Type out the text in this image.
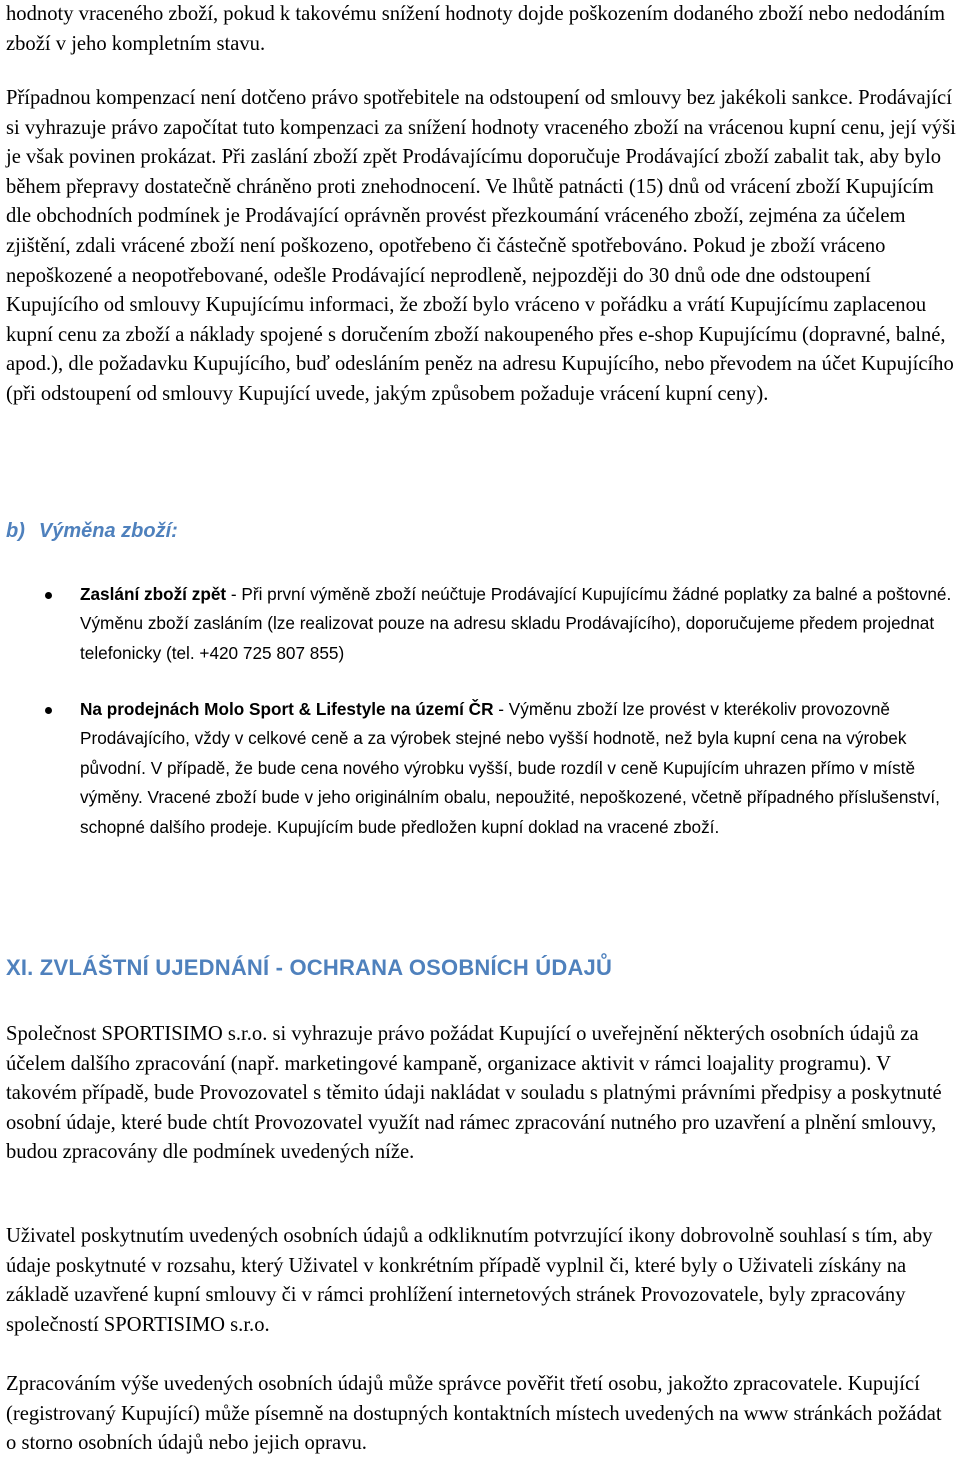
hodnoty vraceného zboží, pokud k takovému snížení hodnoty dojde poškozením dodaného zboží nebo nedodáním zboží v jeho kompletním stavu.

Případnou kompenzací není dotčeno právo spotřebitele na odstoupení od smlouvy bez jakékoli sankce. Prodávající si vyhrazuje právo započítat tuto kompenzaci za snížení hodnoty vraceného zboží na vrácenou kupní cenu, její výši je však povinen prokázat. Při zaslání zboží zpět Prodávajícímu doporučuje Prodávající zboží zabalit tak, aby bylo během přepravy dostatečně chráněno proti znehodnocení. Ve lhůtě patnácti (15) dnů od vrácení zboží Kupujícím dle obchodních podmínek je Prodávající oprávněn provést přezkoumání vráceného zboží, zejména za účelem zjištění, zdali vrácené zboží není poškozeno, opotřebeno či částečně spotřebováno. Pokud je zboží vráceno nepoškozené a neopotřebované, odešle Prodávající neprodleně, nejpozději do 30 dnů ode dne odstoupení Kupujícího od smlouvy Kupujícímu informaci, že zboží bylo vráceno v pořádku a vrátí Kupujícímu zaplacenou kupní cenu za zboží a náklady spojené s doručením zboží nakoupeného přes e-shop Kupujícímu (dopravné, balné, apod.), dle požadavku Kupujícího, buď odesláním peněz na adresu Kupujícího, nebo převodem na účet Kupujícího (při odstoupení od smlouvy Kupující uvede, jakým způsobem požaduje vrácení kupní ceny).

b) Výměna zboží:
Zaslání zboží zpět - Při první výměně zboží neúčtuje Prodávající Kupujícímu žádné poplatky za balné a poštovné. Výměnu zboží zasláním (lze realizovat pouze na adresu skladu Prodávajícího), doporučujeme předem projednat telefonicky (tel. +420 725 807 855)
Na prodejnách Molo Sport & Lifestyle na území ČR - Výměnu zboží lze provést v kterékoliv provozovně Prodávajícího, vždy v celkové ceně a za výrobek stejné nebo vyšší hodnotě, než byla kupní cena na výrobek původní. V případě, že bude cena nového výrobku vyšší, bude rozdíl v ceně Kupujícím uhrazen přímo v místě výměny. Vracené zboží bude v jeho originálním obalu, nepoužité, nepoškozené, včetně případného příslušenství, schopné dalšího prodeje. Kupujícím bude předložen kupní doklad na vracené zboží.
XI. ZVLÁŠTNÍ UJEDNÁNÍ - OCHRANA OSOBNÍCH ÚDAJŮ

Společnost SPORTISIMO s.r.o. si vyhrazuje právo požádat Kupující o uveřejnění některých osobních údajů za účelem dalšího zpracování (např. marketingové kampaně, organizace aktivit v rámci loajality programu). V takovém případě, bude Provozovatel s těmito údaji nakládat v souladu s platnými právními předpisy a poskytnuté osobní údaje, které bude chtít Provozovatel využít nad rámec zpracování nutného pro uzavření a plnění smlouvy, budou zpracovány dle podmínek uvedených níže.

Uživatel poskytnutím uvedených osobních údajů a odkliknutím potvrzující ikony dobrovolně souhlasí s tím, aby údaje poskytnuté v rozsahu, který Uživatel v konkrétním případě vyplnil či, které byly o Uživateli získány na základě uzavřené kupní smlouvy či v rámci prohlížení internetových stránek Provozovatele, byly zpracovány společností SPORTISIMO s.r.o.

Zpracováním výše uvedených osobních údajů může správce pověřit třetí osobu, jakožto zpracovatele. Kupující (registrovaný Kupující) může písemně na dostupných kontaktních místech uvedených na www stránkách požádat o storno osobních údajů nebo jejich opravu.
